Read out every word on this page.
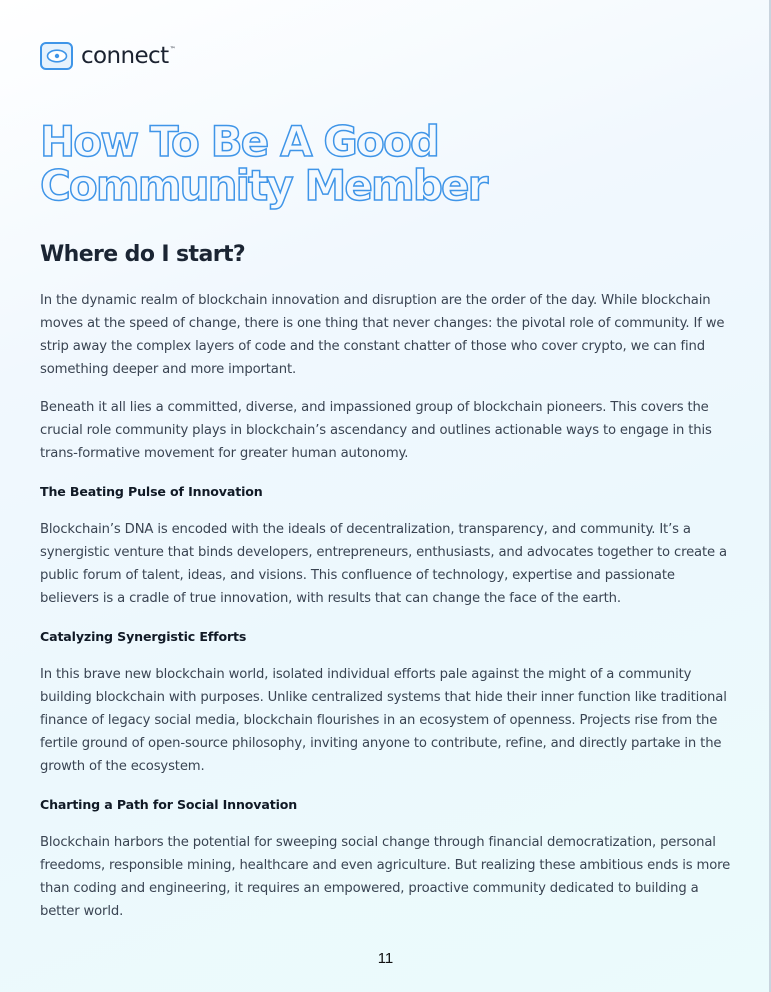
connect™
How To Be A Good
Community Member
Where do I start?

In the dynamic realm of blockchain innovation and disruption are the order of the day. While blockchain moves at the speed of change, there is one thing that never changes: the pivotal role of community. If we strip away the complex layers of code and the constant chatter of those who cover crypto, we can find something deeper and more important.

Beneath it all lies a committed, diverse, and impassioned group of blockchain pioneers. This covers the crucial role community plays in blockchain’s ascendancy and outlines actionable ways to engage in this trans-formative movement for greater human autonomy.

The Beating Pulse of Innovation

Blockchain’s DNA is encoded with the ideals of decentralization, transparency, and community. It’s a synergistic venture that binds developers, entrepreneurs, enthusiasts, and advocates together to create a public forum of talent, ideas, and visions. This confluence of technology, expertise and passionate believers is a cradle of true innovation, with results that can change the face of the earth.

Catalyzing Synergistic Efforts

In this brave new blockchain world, isolated individual efforts pale against the might of a community building blockchain with purposes. Unlike centralized systems that hide their inner function like traditional finance of legacy social media, blockchain flourishes in an ecosystem of openness. Projects rise from the fertile ground of open-source philosophy, inviting anyone to contribute, refine, and directly partake in the growth of the ecosystem.

Charting a Path for Social Innovation

Blockchain harbors the potential for sweeping social change through financial democratization, personal freedoms, responsible mining, healthcare and even agriculture. But realizing these ambitious ends is more than coding and engineering, it requires an empowered, proactive community dedicated to building a better world.

11
